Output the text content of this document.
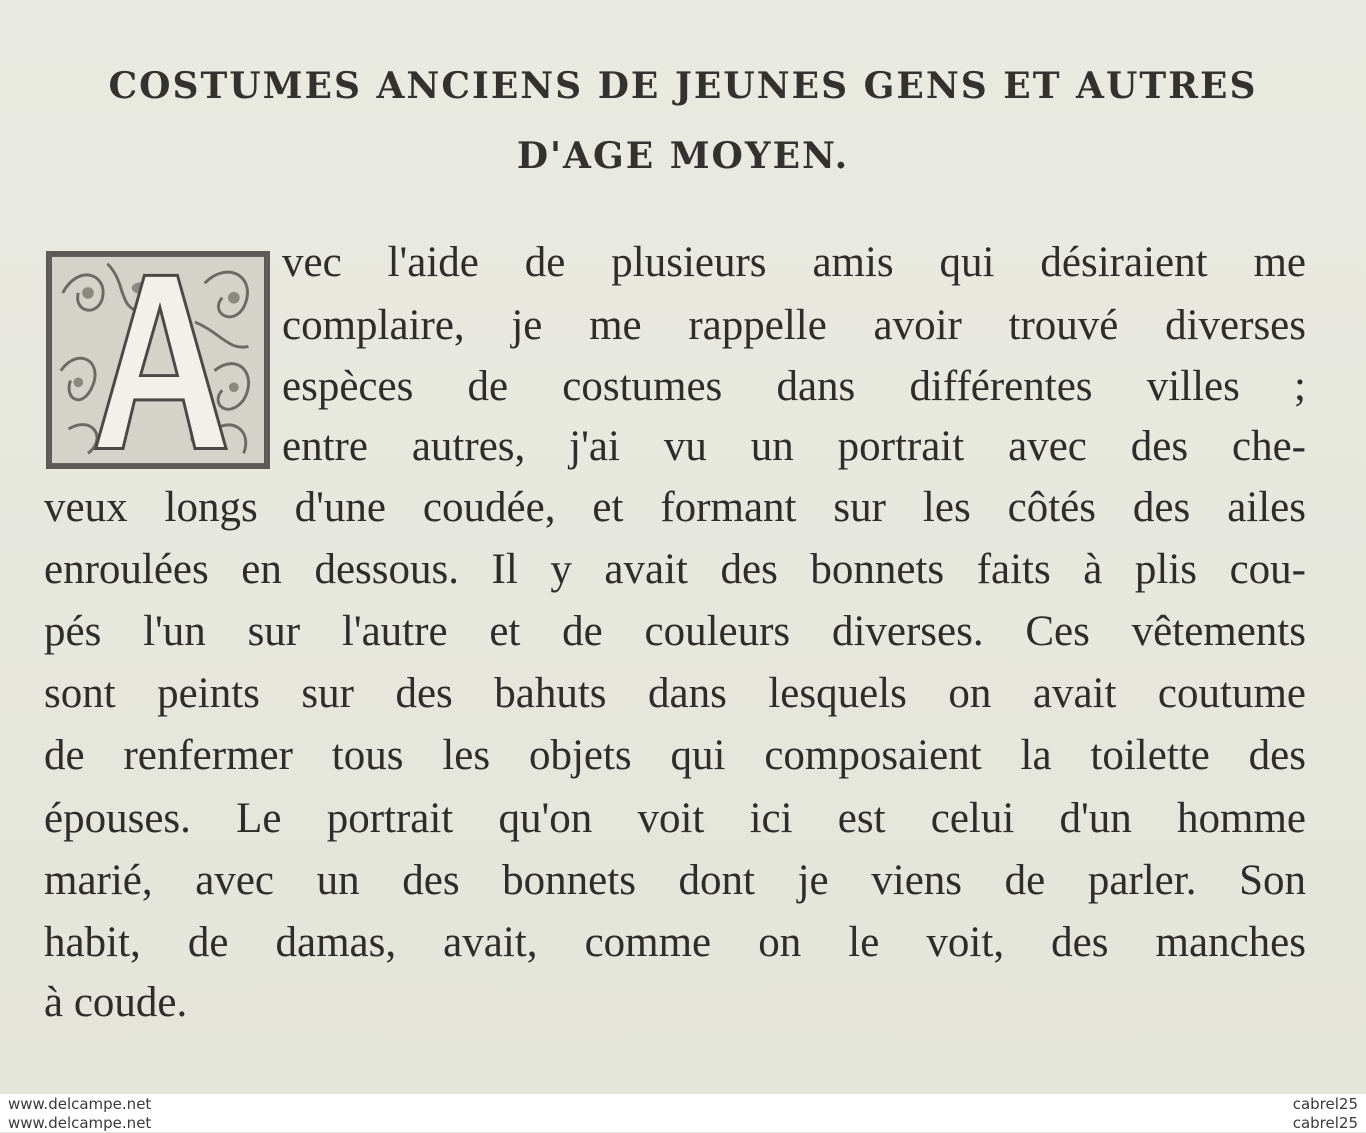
COSTUMES ANCIENS DE JEUNES GENS ET AUTRES
D'AGE MOYEN.
vec l'aide de plusieurs amis qui désiraient me
complaire, je me rappelle avoir trouvé diverses
espèces de costumes dans différentes villes ;
entre autres, j'ai vu un portrait avec des che-
veux longs d'une coudée, et formant sur les côtés des ailes
enroulées en dessous. Il y avait des bonnets faits à plis cou-
pés l'un sur l'autre et de couleurs diverses. Ces vêtements
sont peints sur des bahuts dans lesquels on avait coutume
de renfermer tous les objets qui composaient la toilette des
épouses. Le portrait qu'on voit ici est celui d'un homme
marié, avec un des bonnets dont je viens de parler. Son
habit, de damas, avait, comme on le voit, des manches
à coude.
www.delcampe.net
www.delcampe.net
cabrel25
cabrel25
